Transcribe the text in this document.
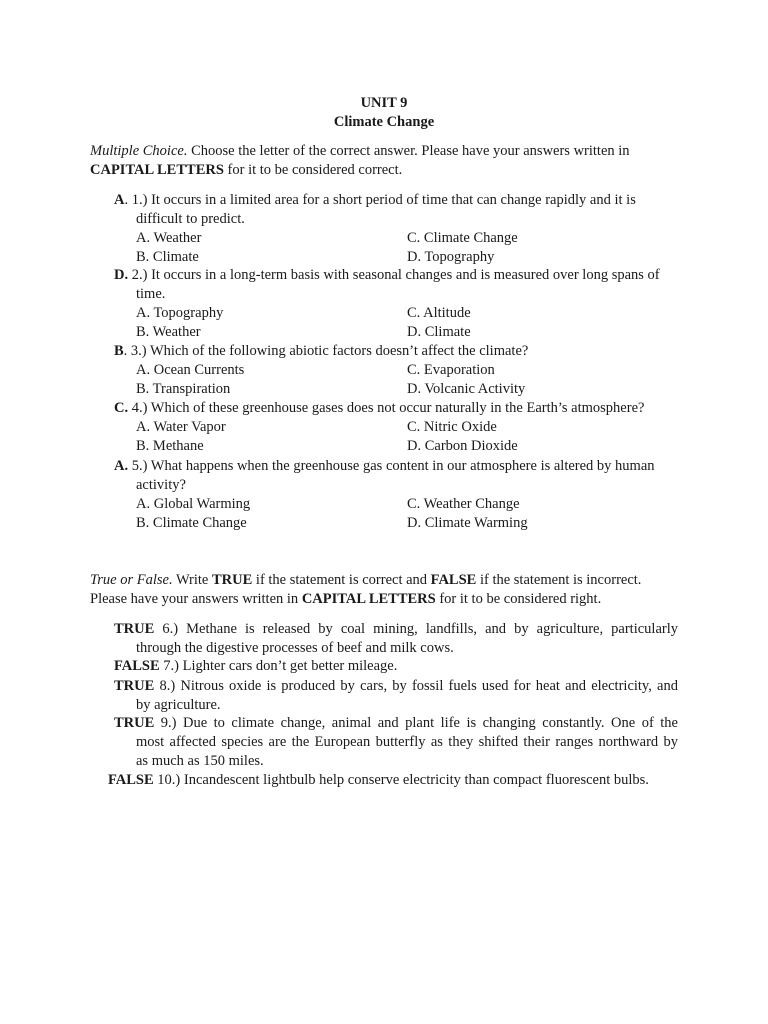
UNIT 9
Climate Change
Multiple Choice. Choose the letter of the correct answer. Please have your answers written in
CAPITAL LETTERS for it to be considered correct.
A. 1.) It occurs in a limited area for a short period of time that can change rapidly and it is
difficult to predict.
A. Weather	C. Climate Change
B. Climate	D. Topography
D. 2.) It occurs in a long-term basis with seasonal changes and is measured over long spans of
time.
A. Topography	C. Altitude
B. Weather	D. Climate
B. 3.) Which of the following abiotic factors doesn’t affect the climate?
A. Ocean Currents	C. Evaporation
B. Transpiration	D. Volcanic Activity
C. 4.) Which of these greenhouse gases does not occur naturally in the Earth’s atmosphere?
A. Water Vapor	C. Nitric Oxide
B. Methane	D. Carbon Dioxide
A. 5.) What happens when the greenhouse gas content in our atmosphere is altered by human
activity?
A. Global Warming	C. Weather Change
B. Climate Change	D. Climate Warming
True or False. Write TRUE if the statement is correct and FALSE if the statement is incorrect.
Please have your answers written in CAPITAL LETTERS for it to be considered right.
TRUE 6.) Methane is released by coal mining, landfills, and by agriculture, particularly
through the digestive processes of beef and milk cows.
FALSE 7.) Lighter cars don’t get better mileage.
TRUE 8.) Nitrous oxide is produced by cars, by fossil fuels used for heat and electricity, and
by agriculture.
TRUE 9.) Due to climate change, animal and plant life is changing constantly. One of the
most affected species are the European butterfly as they shifted their ranges northward by
as much as 150 miles.
FALSE 10.) Incandescent lightbulb help conserve electricity than compact fluorescent bulbs.
